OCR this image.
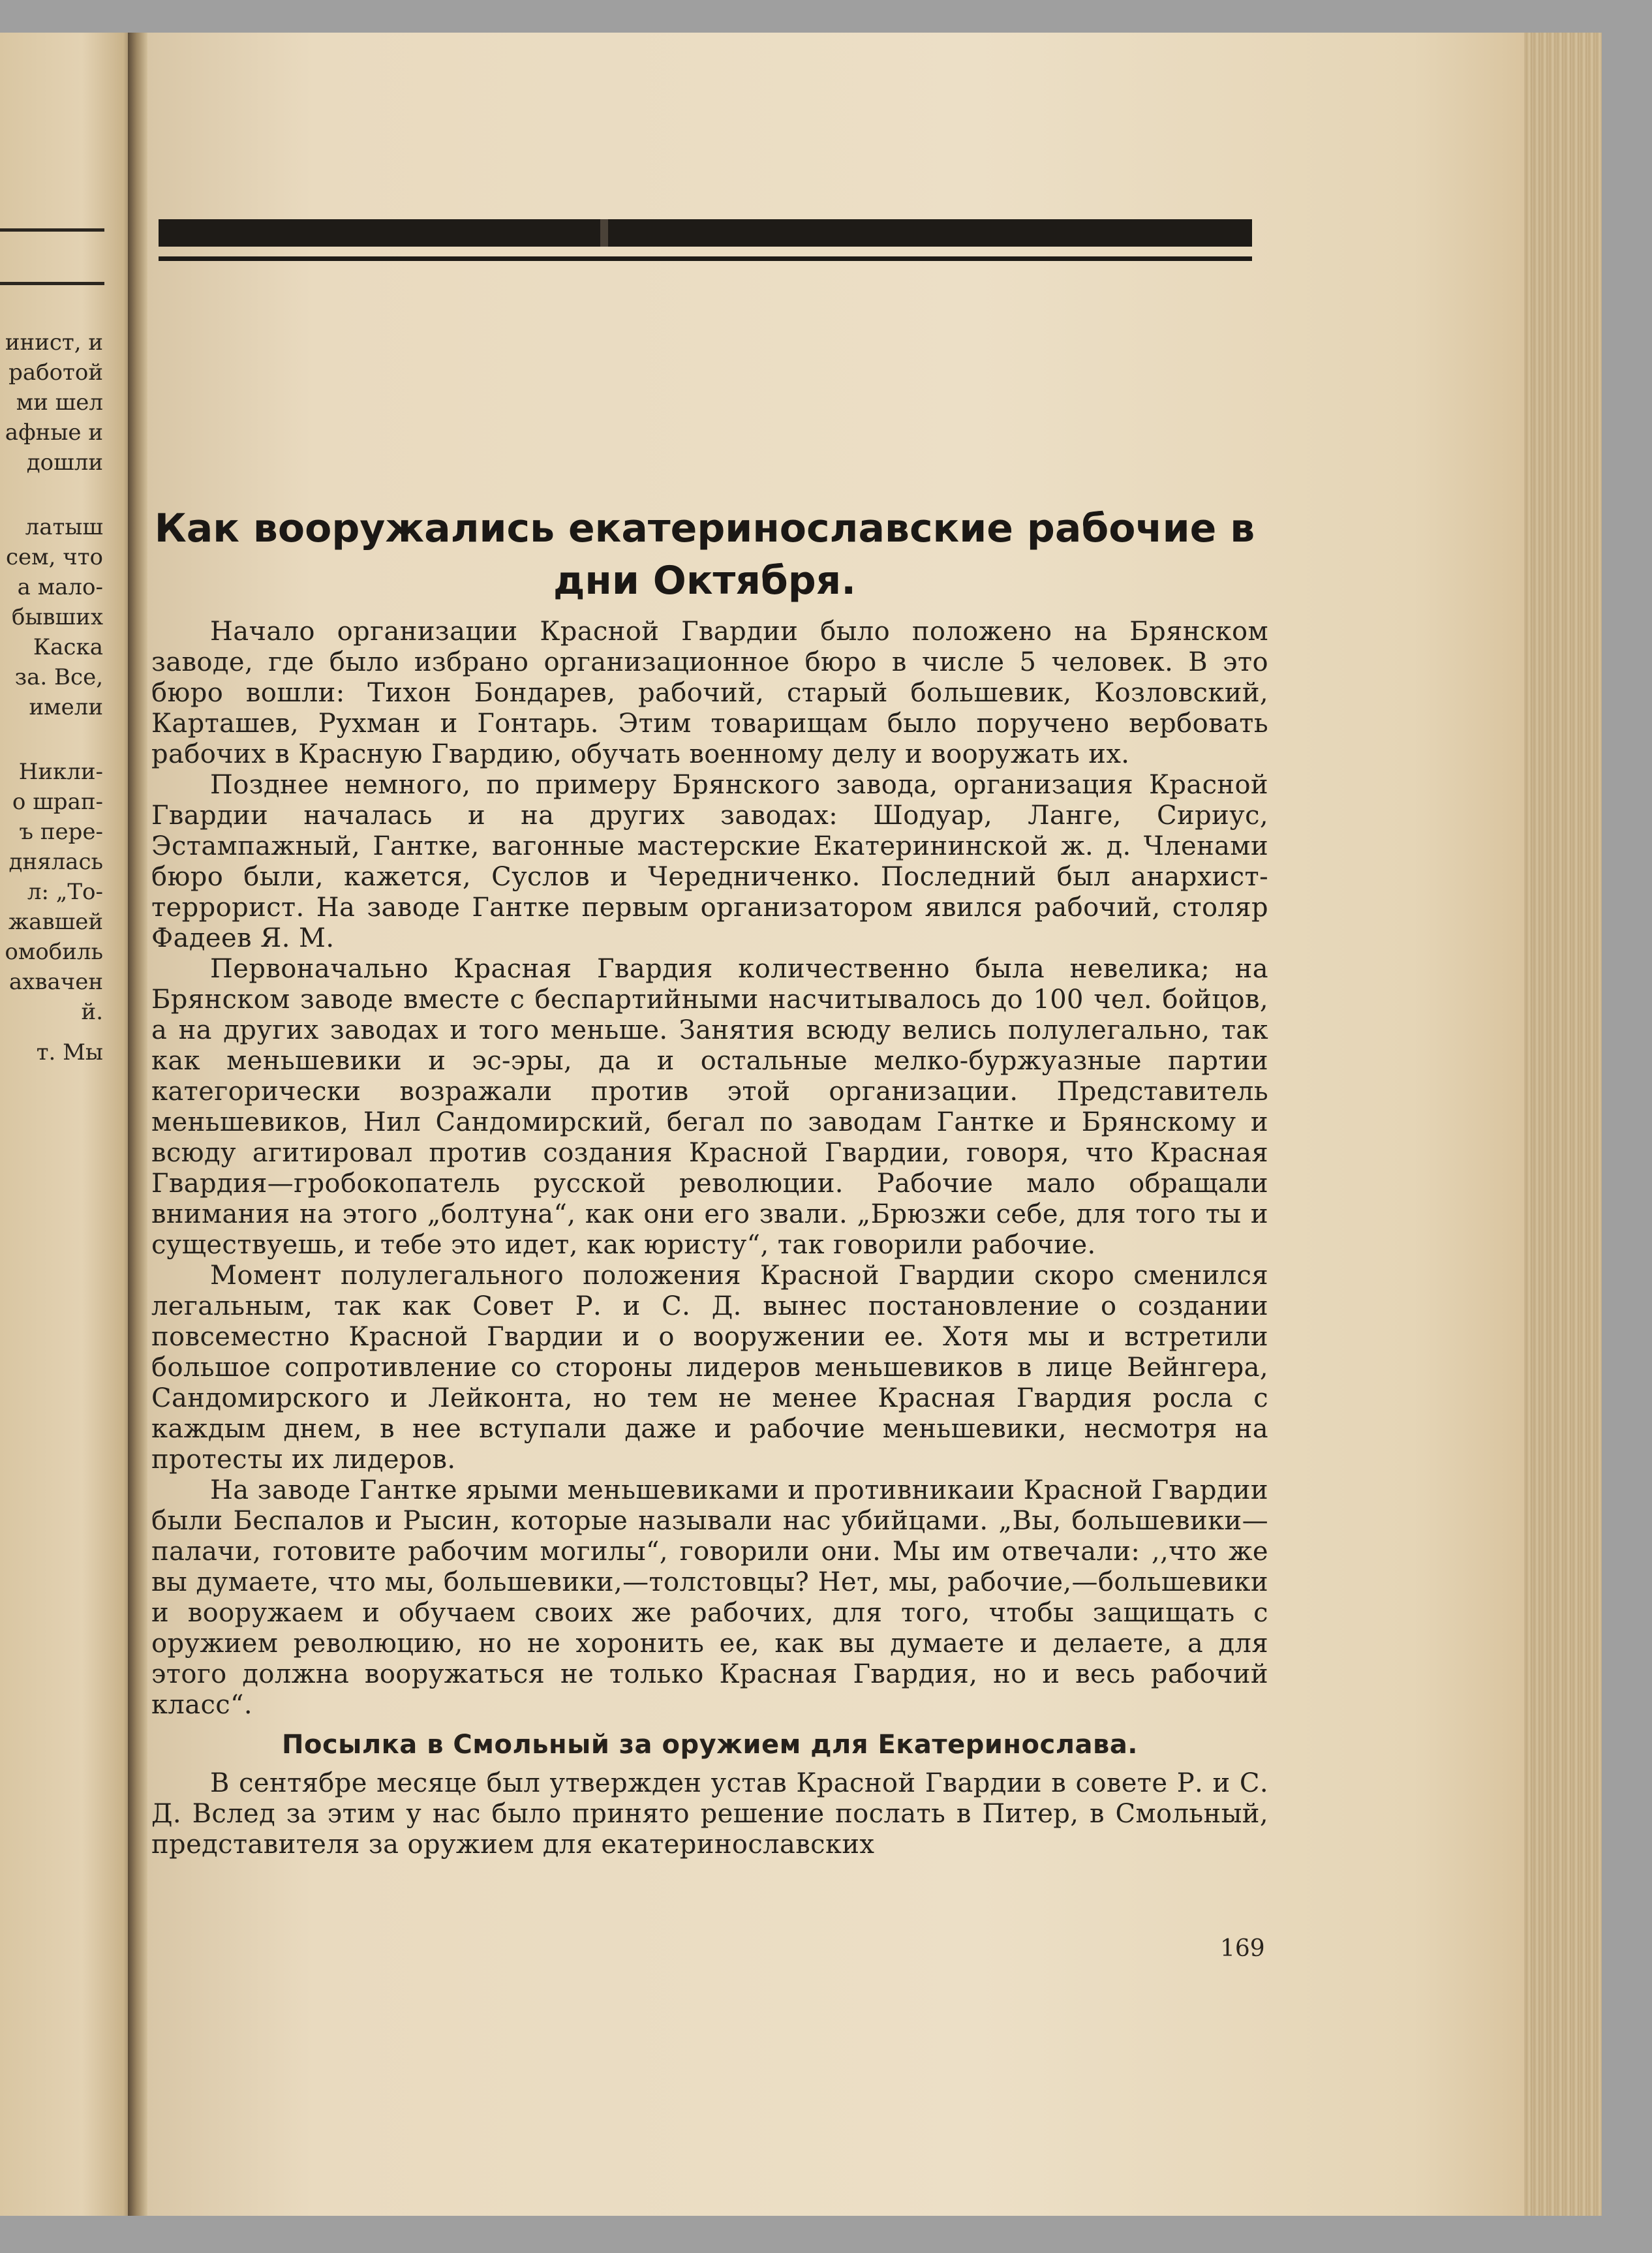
инист, и
работой
ми шел
афные и
дошли
латыш
сем, что
а мало-
бывших
Каска
за. Все,
имели
Никли-
о шрап-
ъ пере-
днялась
л: „То-
жавшей
омобиль
ахвачен
й.
т. Мы
Как вооружались екатеринославские рабочие в
дни Октября.

Начало организации Красной Гвардии было положено на Брянском заводе, где было избрано организационное бюро в числе 5 человек. В это бюро вошли: Тихон Бондарев, рабочий, старый большевик, Козловский, Карташев, Рухман и Гонтарь. Этим товарищам было поручено вербовать рабочих в Красную Гвардию, обучать военному делу и вооружать их.

Позднее немного, по примеру Брянского завода, организация Красной Гвардии началась и на других заводах: Шодуар, Ланге, Сириус, Эстампажный, Гантке, вагонные мастерские Екатерининской ж. д. Членами бюро были, кажется, Суслов и Чередниченко. Последний был анархист-террорист. На заводе Гантке первым организатором явился рабочий, столяр Фадеев Я. М.

Первоначально Красная Гвардия количественно была невелика; на Брянском заводе вместе с беспартийными насчитывалось до 100 чел. бойцов, а на других заводах и того меньше. Занятия всюду велись полулегально, так как меньшевики и эс-эры, да и остальные мелко-буржуазные партии категорически возражали против этой организации. Представитель меньшевиков, Нил Сандомирский, бегал по заводам Гантке и Брянскому и всюду агитировал против создания Красной Гвардии, говоря, что Красная Гвардия—гробокопатель русской революции. Рабочие мало обращали внимания на этого „болтуна“, как они его звали. „Брюзжи себе, для того ты и существуешь, и тебе это идет, как юристу“, так говорили рабочие.

Момент полулегального положения Красной Гвардии скоро сменился легальным, так как Совет Р. и С. Д. вынес постановление о создании повсеместно Красной Гвардии и о вооружении ее. Хотя мы и встретили большое сопротивление со стороны лидеров меньшевиков в лице Вейнгера, Сандомирского и Лейконта, но тем не менее Красная Гвардия росла с каждым днем, в нее вступали даже и рабочие меньшевики, несмотря на протесты их лидеров.

На заводе Гантке ярыми меньшевиками и противникаии Красной Гвардии были Беспалов и Рысин, которые называли нас убийцами. „Вы, большевики—палачи, готовите рабочим могилы“, говорили они. Мы им отвечали: ,,что же вы думаете, что мы, большевики,—толстовцы? Нет, мы, рабочие,—большевики и вооружаем и обучаем своих же рабочих, для того, чтобы защищать с оружием революцию, но не хоронить ее, как вы думаете и делаете, а для этого должна вооружаться не только Красная Гвардия, но и весь рабочий класс“.

Посылка в Смольный за оружием для Екатеринослава.

В сентябре месяце был утвержден устав Красной Гвардии в совете Р. и С. Д. Вслед за этим у нас было принято решение послать в Питер, в Смольный, представителя за оружием для екатеринославских

169
